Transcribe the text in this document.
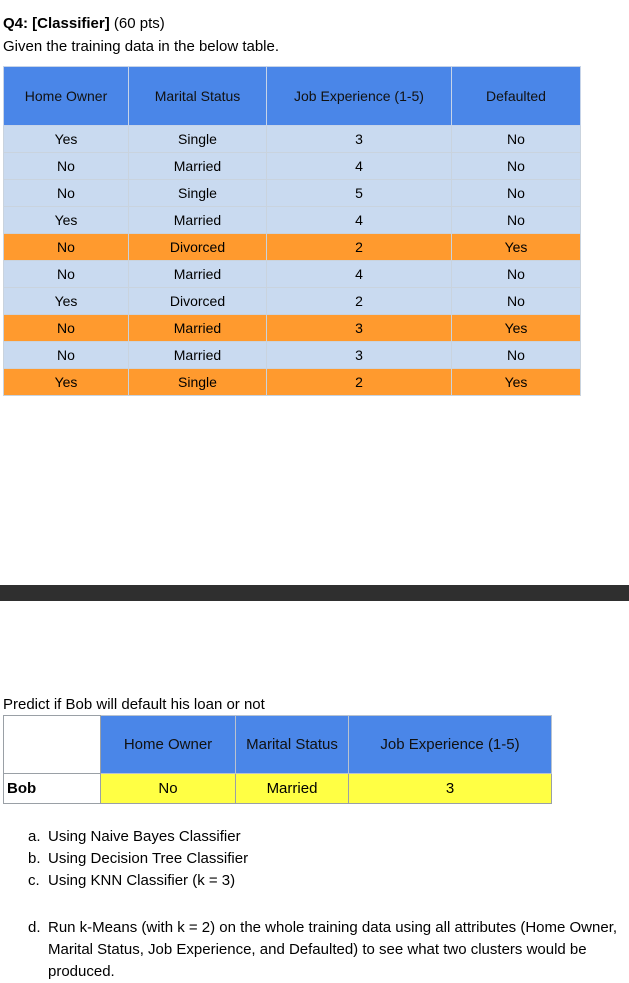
Q4: [Classifier] (60 pts)
Given the training data in the below table.
Home Owner	Marital Status	Job Experience (1-5)	Defaulted
Yes	Single	3	No
No	Married	4	No
No	Single	5	No
Yes	Married	4	No
No	Divorced	2	Yes
No	Married	4	No
Yes	Divorced	2	No
No	Married	3	Yes
No	Married	3	No
Yes	Single	2	Yes
Predict if Bob will default his loan or not
	Home Owner	Marital Status	Job Experience (1-5)
Bob	No	Married	3
a. Using Naive Bayes Classifier
b. Using Decision Tree Classifier
c. Using KNN Classifier (k = 3)
d. Run k-Means (with k = 2) on the whole training data using all attributes (Home Owner, Marital Status, Job Experience, and Defaulted) to see what two clusters would be produced.
